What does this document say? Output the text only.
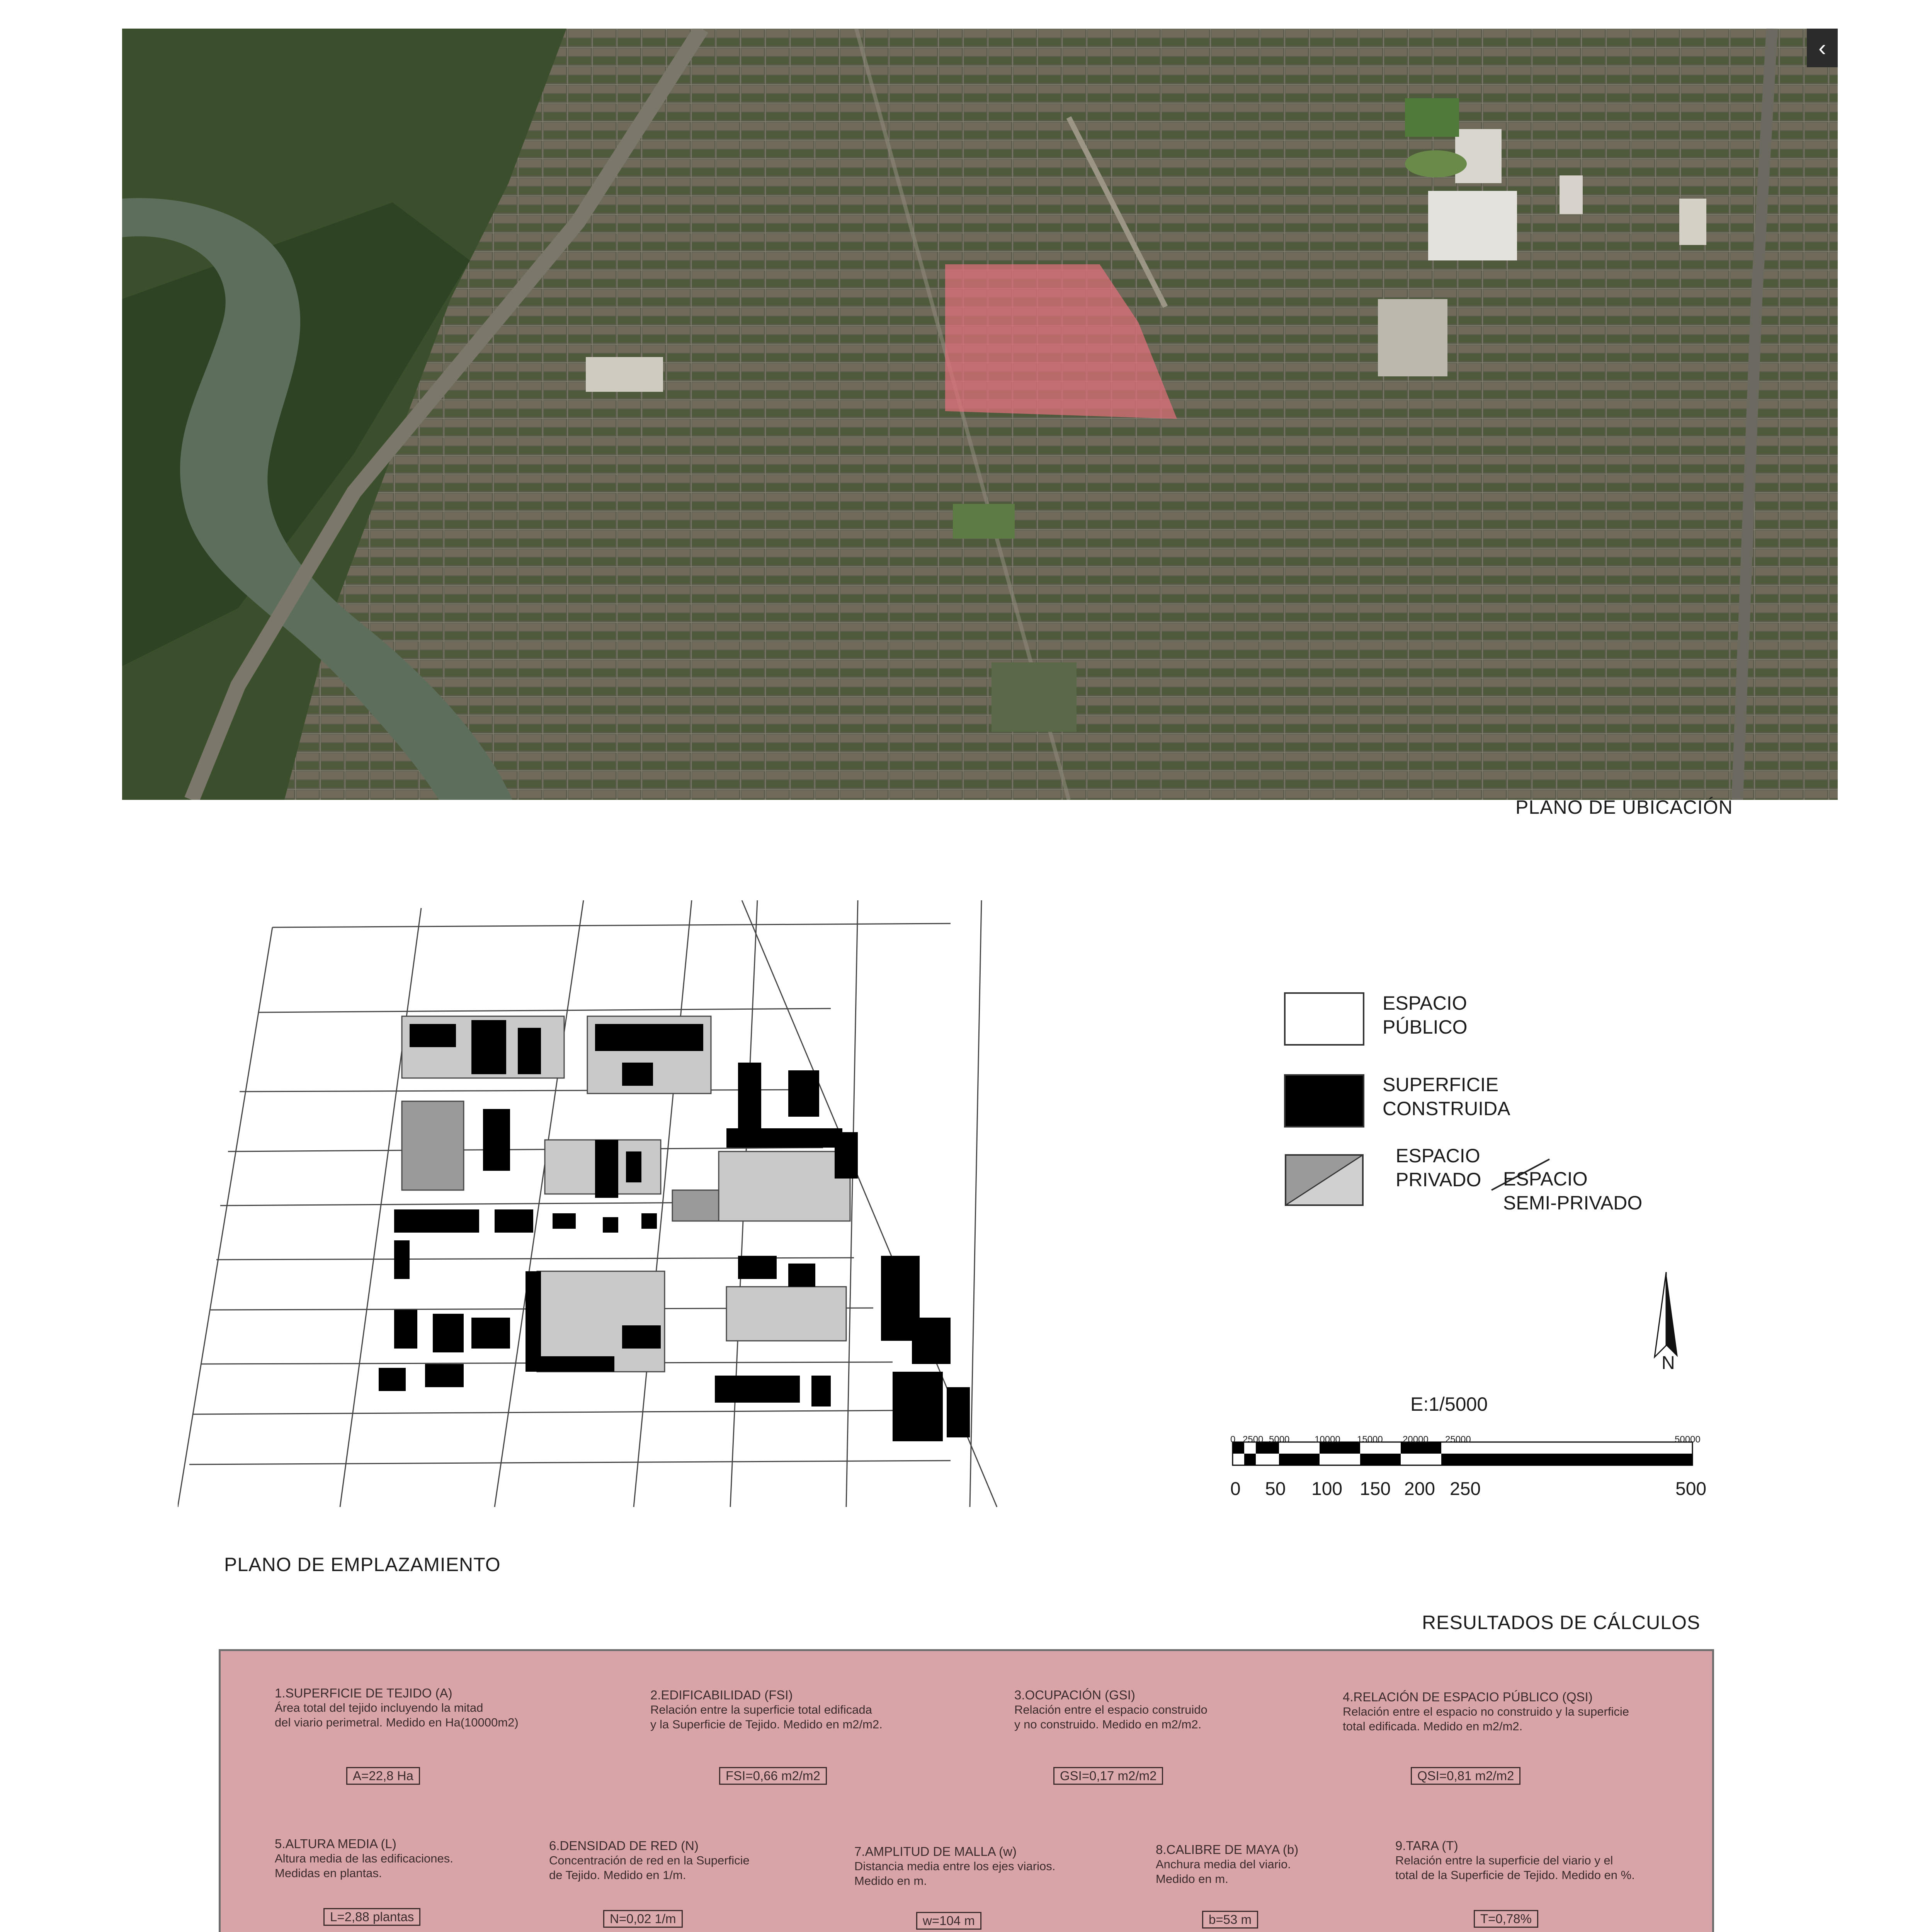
‹
PLANO DE UBICACIÓN
ESPACIO
PÚBLICO
SUPERFICIE
CONSTRUIDA
ESPACIO
PRIVADO ESPACIO
SEMI-PRIVADO
N
E:1/5000
0 2500 5000	10000 15000 20000 25000	50000
0 50 100 150 200 250	500
PLANO DE EMPLAZAMIENTO
RESULTADOS DE CÁLCULOS
1.SUPERFICIE DE TEJIDO (A)
Área total del tejido incluyendo la mitad
del viario perimetral. Medido en Ha(10000m2)
A=22,8 Ha
2.EDIFICABILIDAD (FSI)
Relación entre la superficie total edificada
y la Superficie de Tejido. Medido en m2/m2.
FSI=0,66 m2/m2
3.OCUPACIÓN (GSI)
Relación entre el espacio construido
y no construido. Medido en m2/m2.
GSI=0,17 m2/m2
4.RELACIÓN DE ESPACIO PÚBLICO (QSI)
Relación entre el espacio no construido y la superficie
total edificada. Medido en m2/m2.
QSI=0,81 m2/m2
5.ALTURA MEDIA (L)
Altura media de las edificaciones.
Medidas en plantas.
L=2,88 plantas
6.DENSIDAD DE RED (N)
Concentración de red en la Superficie
de Tejido. Medido en 1/m.
N=0,02 1/m
7.AMPLITUD DE MALLA (w)
Distancia media entre los ejes viarios.
Medido en m.
w=104 m
8.CALIBRE DE MAYA (b)
Anchura media del viario.
Medido en m.
b=53 m
9.TARA (T)
Relación entre la superficie del viario y el
total de la Superficie de Tejido. Medido en %.
T=0,78%
